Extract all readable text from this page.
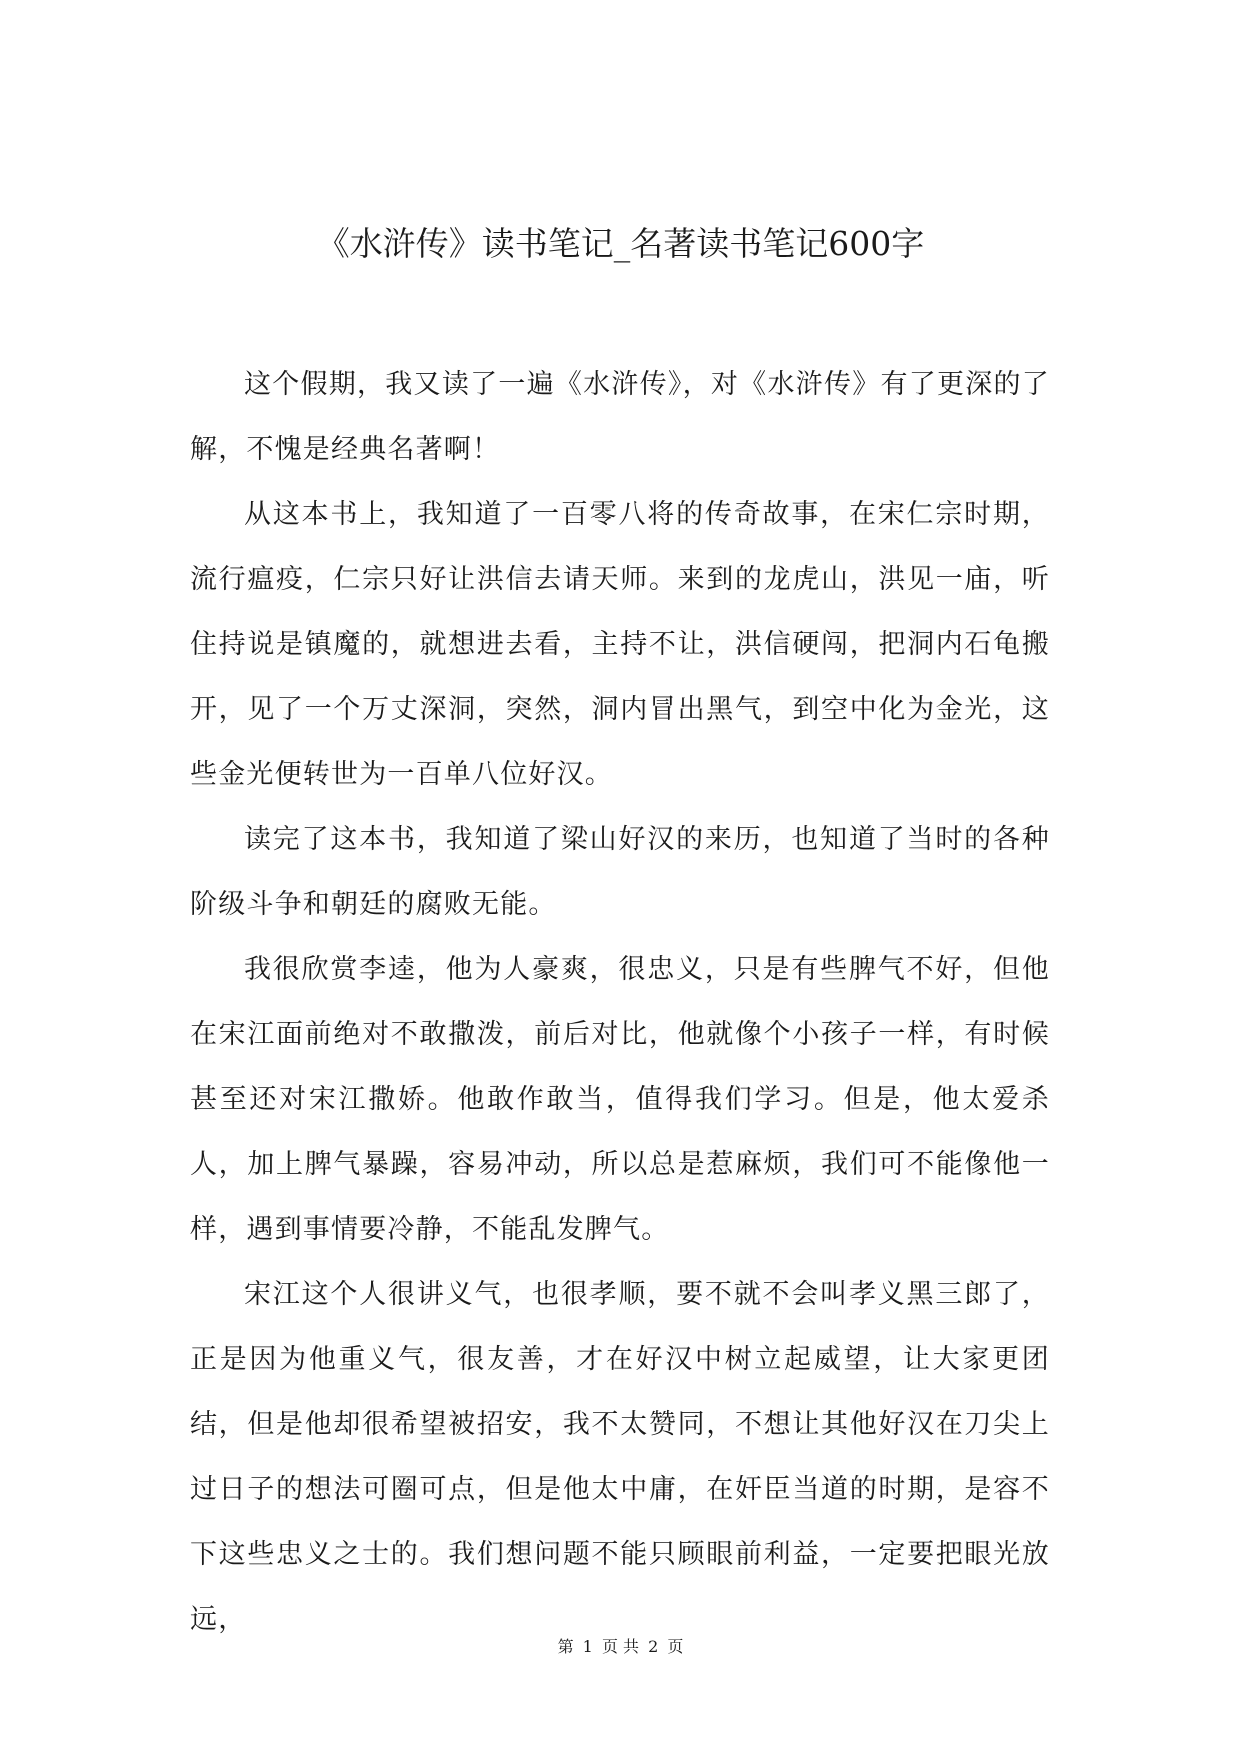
《水浒传》读书笔记_名著读书笔记600字

这个假期，我又读了一遍《水浒传》，对《水浒传》有了更深的了解，不愧是经典名著啊！

从这本书上，我知道了一百零八将的传奇故事，在宋仁宗时期，流行瘟疫，仁宗只好让洪信去请天师。来到的龙虎山，洪见一庙，听住持说是镇魔的，就想进去看，主持不让，洪信硬闯，把洞内石龟搬开，见了一个万丈深洞，突然，洞内冒出黑气，到空中化为金光，这些金光便转世为一百单八位好汉。

读完了这本书，我知道了梁山好汉的来历，也知道了当时的各种阶级斗争和朝廷的腐败无能。

我很欣赏李逵，他为人豪爽，很忠义，只是有些脾气不好，但他在宋江面前绝对不敢撒泼，前后对比，他就像个小孩子一样，有时候甚至还对宋江撒娇。他敢作敢当，值得我们学习。但是，他太爱杀人，加上脾气暴躁，容易冲动，所以总是惹麻烦，我们可不能像他一样，遇到事情要冷静，不能乱发脾气。

宋江这个人很讲义气，也很孝顺，要不就不会叫孝义黑三郎了，正是因为他重义气，很友善，才在好汉中树立起威望，让大家更团结，但是他却很希望被招安，我不太赞同，不想让其他好汉在刀尖上过日子的想法可圈可点，但是他太中庸，在奸臣当道的时期，是容不下这些忠义之士的。我们想问题不能只顾眼前利益，一定要把眼光放远，

第 1 页 共 2 页
